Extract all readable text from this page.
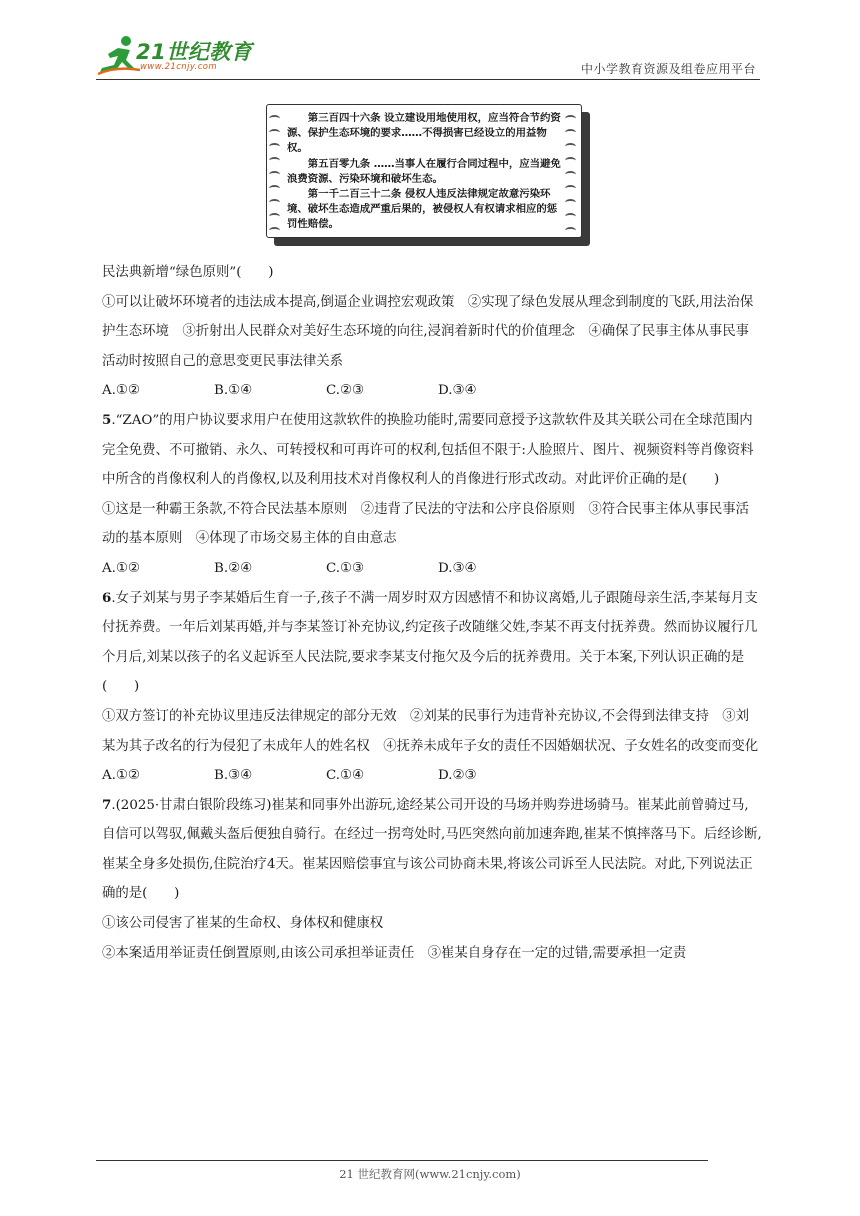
21世纪教育
www.21cnjy.com	中小学教育资源及组卷应用平台

第三百四十六条 设立建设用地使用权，应当符合节约资源、保护生态环境的要求……不得损害已经设立的用益物权。

第五百零九条 ……当事人在履行合同过程中，应当避免浪费资源、污染环境和破坏生态。

第一千二百三十二条 侵权人违反法律规定故意污染环境、破坏生态造成严重后果的，被侵权人有权请求相应的惩罚性赔偿。

民法典新增“绿色原则”(　　)

①可以让破坏环境者的违法成本提高,倒逼企业调控宏观政策　②实现了绿色发展从理念到制度的飞跃,用法治保护生态环境　③折射出人民群众对美好生态环境的向往,浸润着新时代的价值理念　④确保了民事主体从事民事活动时按照自己的意思变更民事法律关系

A.①②	B.①④	C.②③	D.③④

5.“ZAO”的用户协议要求用户在使用这款软件的换脸功能时,需要同意授予这款软件及其关联公司在全球范围内完全免费、不可撤销、永久、可转授权和可再许可的权利,包括但不限于:人脸照片、图片、视频资料等肖像资料中所含的肖像权利人的肖像权,以及利用技术对肖像权利人的肖像进行形式改动。对此评价正确的是(　　)

①这是一种霸王条款,不符合民法基本原则　②违背了民法的守法和公序良俗原则　③符合民事主体从事民事活动的基本原则　④体现了市场交易主体的自由意志

A.①②	B.②④	C.①③	D.③④

6.女子刘某与男子李某婚后生育一子,孩子不满一周岁时双方因感情不和协议离婚,儿子跟随母亲生活,李某每月支付抚养费。一年后刘某再婚,并与李某签订补充协议,约定孩子改随继父姓,李某不再支付抚养费。然而协议履行几个月后,刘某以孩子的名义起诉至人民法院,要求李某支付拖欠及今后的抚养费用。关于本案,下列认识正确的是(　　)

①双方签订的补充协议里违反法律规定的部分无效　②刘某的民事行为违背补充协议,不会得到法律支持　③刘某为其子改名的行为侵犯了未成年人的姓名权　④抚养未成年子女的责任不因婚姻状况、子女姓名的改变而变化

A.①②	B.③④	C.①④	D.②③

7.(2025·甘肃白银阶段练习)崔某和同事外出游玩,途经某公司开设的马场并购券进场骑马。崔某此前曾骑过马,自信可以驾驭,佩戴头盔后便独自骑行。在经过一拐弯处时,马匹突然向前加速奔跑,崔某不慎摔落马下。后经诊断,崔某全身多处损伤,住院治疗4天。崔某因赔偿事宜与该公司协商未果,将该公司诉至人民法院。对此,下列说法正确的是(　　)

①该公司侵害了崔某的生命权、身体权和健康权

②本案适用举证责任倒置原则,由该公司承担举证责任　③崔某自身存在一定的过错,需要承担一定责

21 世纪教育网(www.21cnjy.com)
